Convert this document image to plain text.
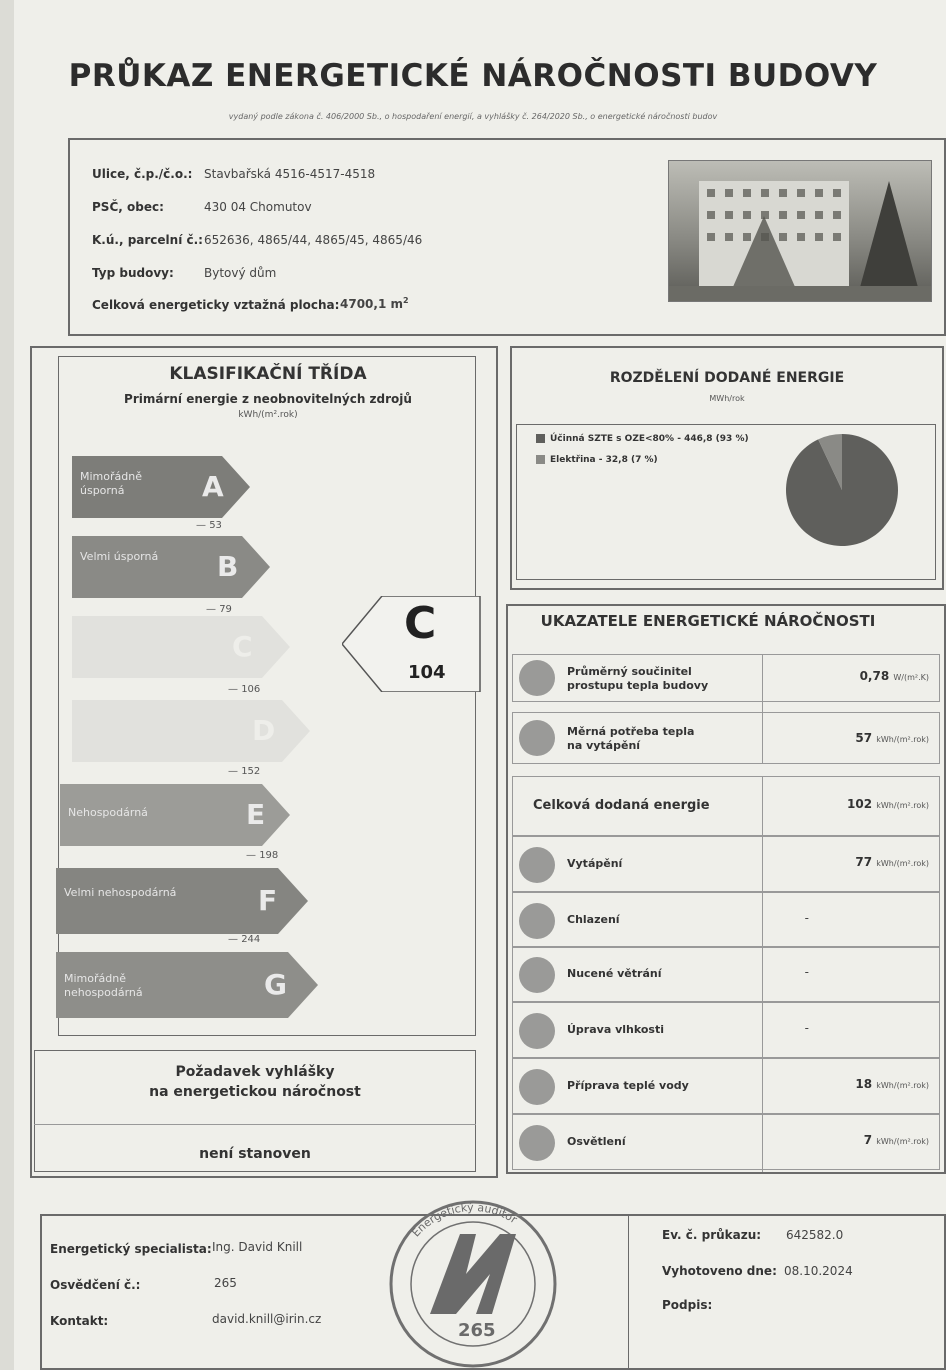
PRŮKAZ ENERGETICKÉ NÁROČNOSTI BUDOVY
vydaný podle zákona č. 406/2000 Sb., o hospodaření energií, a vyhlášky č. 264/2020 Sb., o energetické náročnosti budov
Ulice, č.p./č.o.: Stavbařská 4516-4517-4518
PSČ, obec:	430 04 Chomutov
K.ú., parcelní č.: 652636, 4865/44, 4865/45, 4865/46
Typ budovy:	Bytový dům
Celková energeticky vztažná plocha: 4700,1 $m^2$
KLASIFIKAČNÍ TŘÍDA
Primární energie z neobnovitelných zdrojů
kWh/(m².rok)
Mimořádně úsporná	A
— 53
Velmi úsporná	B
— 79
C
— 106
D
— 152
Nehospodárná	E
— 198
Velmi nehospodárná	F
— 244
Mimořádně nehospodárná	G
C
104
Požadavek vyhlášky
na energetickou náročnost
není stanoven
ROZDĚLENÍ DODANÉ ENERGIE
MWh/rok
Účinná SZTE s OZE<80% - 446,8 (93 %)
Elektřina - 32,8 (7 %)
UKAZATELE ENERGETICKÉ NÁROČNOSTI
Průměrný součinitel
prostupu tepla budovy
0,78 W/(m².K)
Měrná potřeba tepla
na vytápění
57 kWh/(m².rok)
Celková dodaná energie	102 kWh/(m².rok)
Vytápění	77 kWh/(m².rok)
Chlazení	-
Nucené větrání	-
Úprava vlhkosti	-
Příprava teplé vody	18 kWh/(m².rok)
Osvětlení	7 kWh/(m².rok)
Energetický specialista: Ing. David Knill
Osvědčení č.:	265
Kontakt:	david.knill@irin.cz
Ev. č. průkazu: 642582.0
Vyhotoveno dne: 08.10.2024
Podpis:
265
Energetický auditor
